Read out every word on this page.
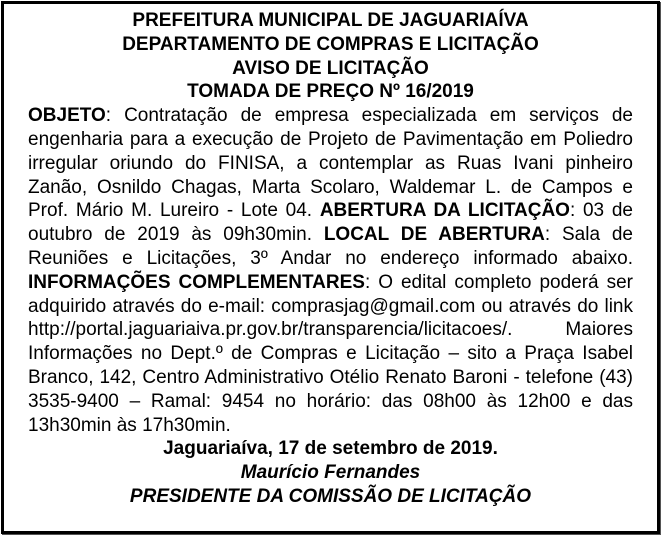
PREFEITURA MUNICIPAL DE JAGUARIAÍVA
DEPARTAMENTO DE COMPRAS E LICITAÇÃO
AVISO DE LICITAÇÃO
TOMADA DE PREÇO Nº 16/2019

OBJETO: Contratação de empresa especializada em serviços de engenharia para a execução de Projeto de Pavimentação em Poliedro irregular oriundo do FINISA, a contemplar as Ruas Ivani pinheiro Zanão, Osnildo Chagas, Marta Scolaro, Waldemar L. de Campos e Prof. Mário M. Lureiro - Lote 04. ABERTURA DA LICITAÇÃO: 03 de outubro de 2019 às 09h30min. LOCAL DE ABERTURA: Sala de Reuniões e Licitações, 3º Andar no endereço informado abaixo. INFORMAÇÕES COMPLEMENTARES: O edital completo poderá ser adquirido através do e-mail: comprasjag@gmail.com ou através do link http://portal.jaguariaiva.pr.gov.br/transparencia/licitacoes/. Maiores Informações no Dept.º de Compras e Licitação – sito a Praça Isabel Branco, 142, Centro Administrativo Otélio Renato Baroni - telefone (43) 3535-9400 – Ramal: 9454 no horário: das 08h00 às 12h00 e das 13h30min às 17h30min.

Jaguariaíva, 17 de setembro de 2019.
Maurício Fernandes
PRESIDENTE DA COMISSÃO DE LICITAÇÃO
